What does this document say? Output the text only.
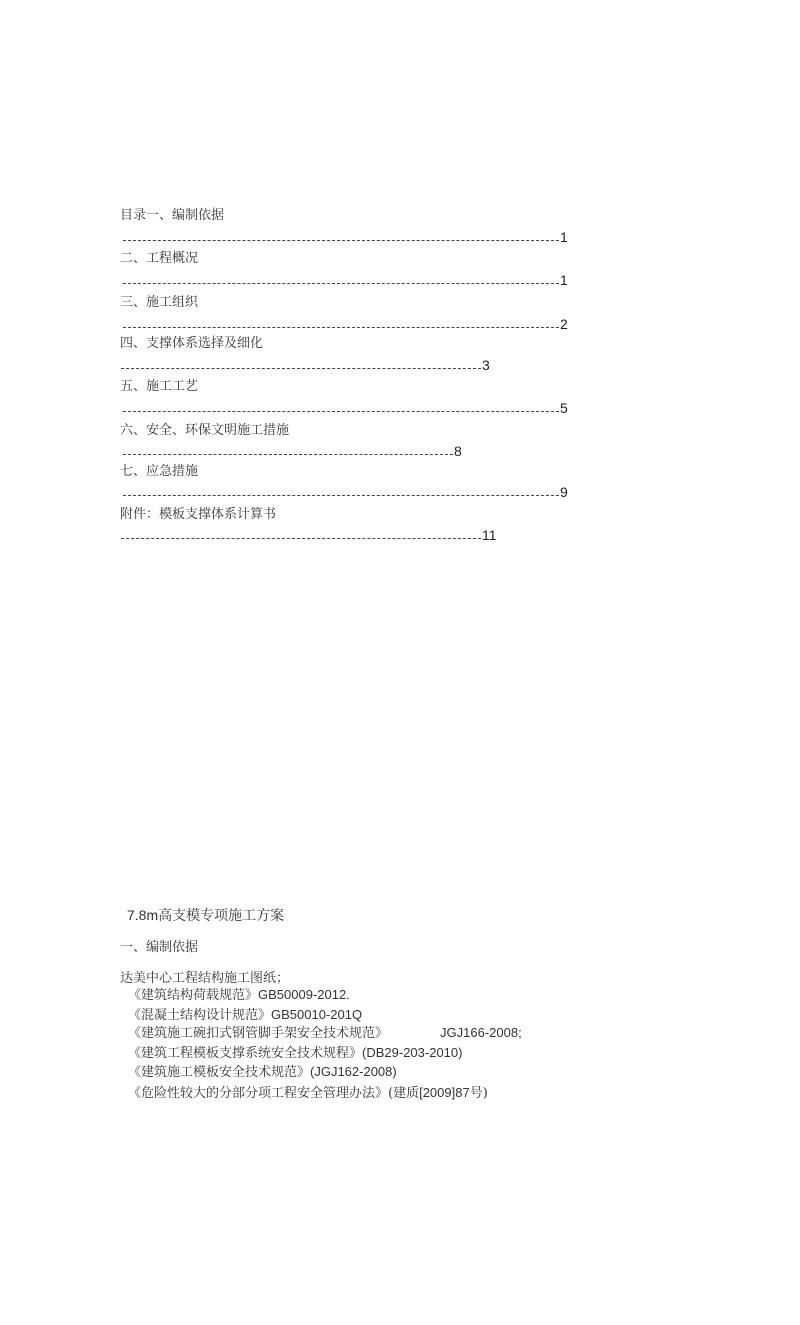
目录一、编制依据
1
二、工程概况
1
三、施工组织
2
四、支撑体系选择及细化
3
五、施工工艺
5
六、安全、环保文明施工措施
8
七、应急措施
9
附件：模板支撑体系计算书
11
7.8m高支模专项施工方案
一、编制依据
达美中心工程结构施工图纸；
《建筑结构荷载规范》GB50009-2012.
《混凝土结构设计规范》GB50010-201Q
《建筑施工碗扣式钢管脚手架安全技术规范》	JGJ166-2008;
《建筑工程模板支撑系统安全技术规程》(DB29-203-2010)
《建筑施工模板安全技术规范》(JGJ162-2008)
《危险性较大的分部分项工程安全管理办法》(建质[2009]87号)
